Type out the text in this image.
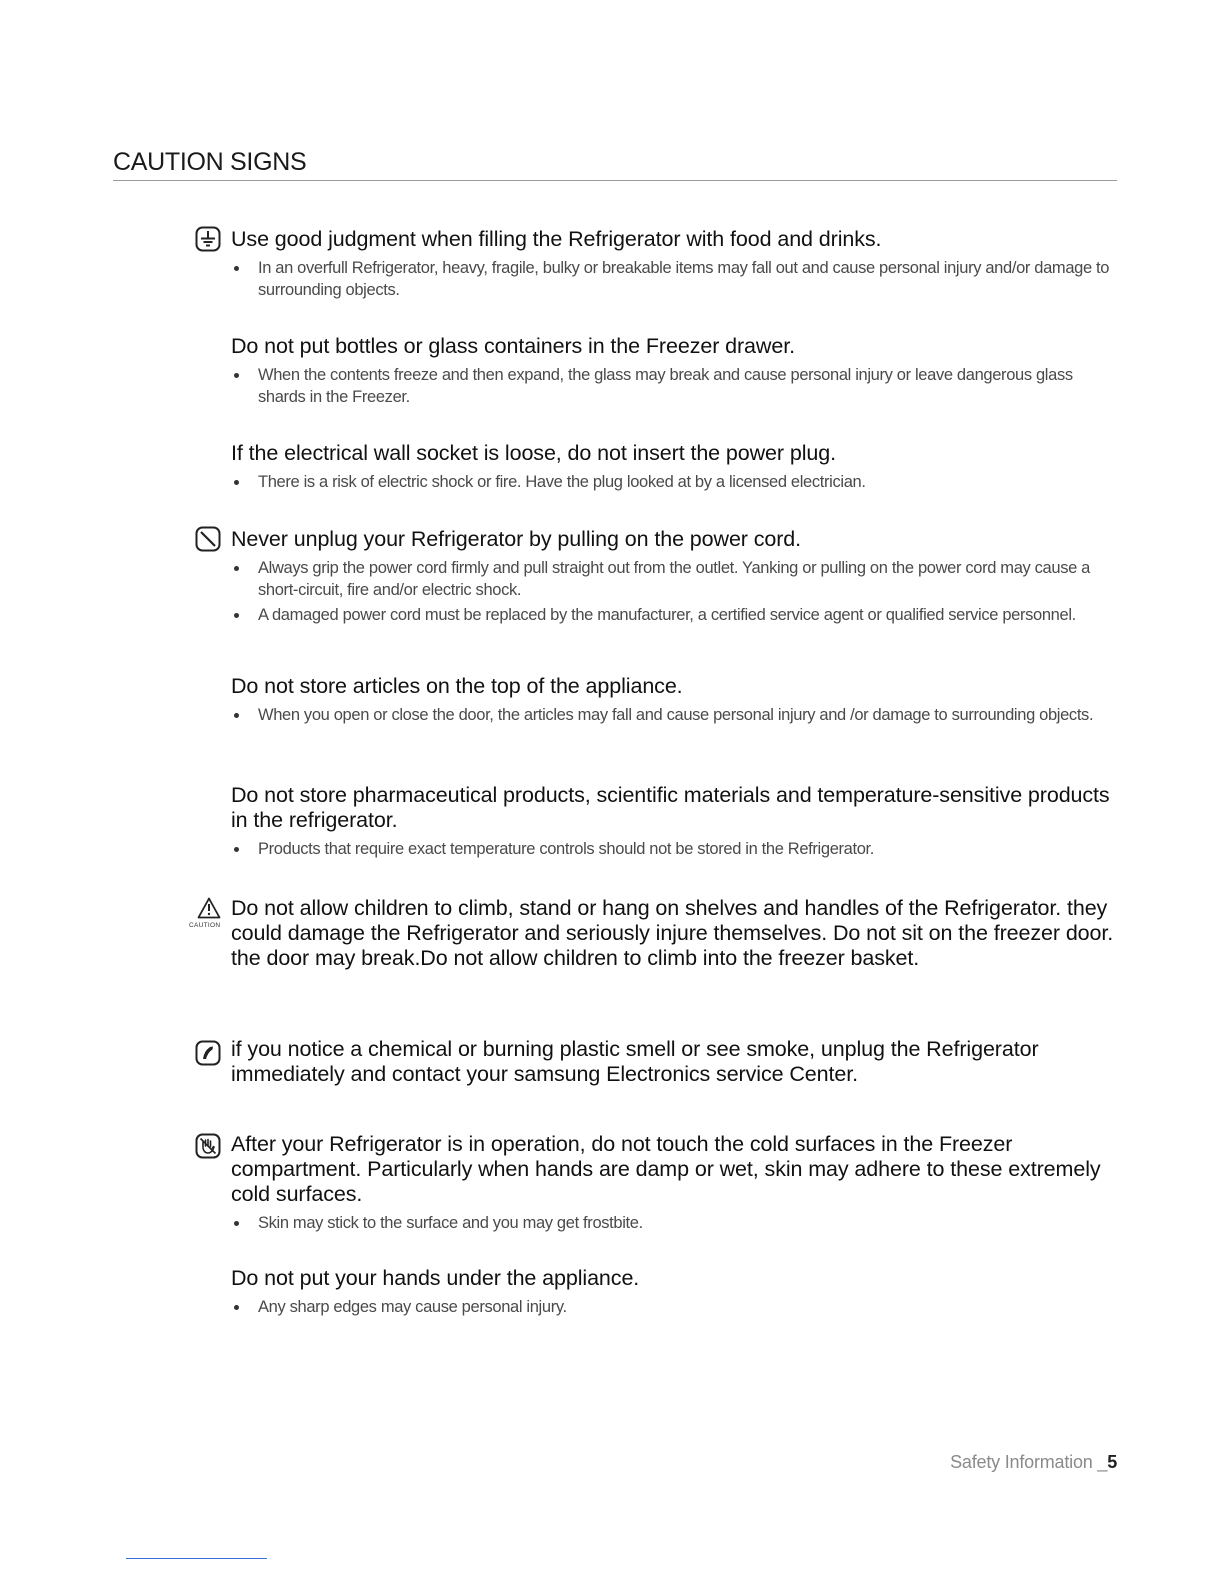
CAUTION SIGNS
CAUTION
Use good judgment when filling the Refrigerator with food and drinks.
In an overfull Refrigerator, heavy, fragile, bulky or breakable items may fall out and cause personal injury and/or damage to surrounding objects.
Do not put bottles or glass containers in the Freezer drawer.
When the contents freeze and then expand, the glass may break and cause personal injury or leave dangerous glass shards in the Freezer.
If the electrical wall socket is loose, do not insert the power plug.
There is a risk of electric shock or fire. Have the plug looked at by a licensed electrician.
Never unplug your Refrigerator by pulling on the power cord.
Always grip the power cord firmly and pull straight out from the outlet. Yanking or pulling on the power cord may cause a short-circuit, fire and/or electric shock.
A damaged power cord must be replaced by the manufacturer, a certified service agent or qualified service personnel.
Do not store articles on the top of the appliance.
When you open or close the door, the articles may fall and cause personal injury and /or damage to surrounding objects.
Do not store pharmaceutical products, scientific materials and temperature-sensitive products in the refrigerator.
Products that require exact temperature controls should not be stored in the Refrigerator.
Do not allow children to climb, stand or hang on shelves and handles of the Refrigerator. they could damage the Refrigerator and seriously injure themselves. Do not sit on the freezer door. the door may break.Do not allow children to climb into the freezer basket.
if you notice a chemical or burning plastic smell or see smoke, unplug the Refrigerator immediately and contact your samsung Electronics service Center.
After your Refrigerator is in operation, do not touch the cold surfaces in the Freezer compartment. Particularly when hands are damp or wet, skin may adhere to these extremely cold surfaces.
Skin may stick to the surface and you may get frostbite.
Do not put your hands under the appliance.
Any sharp edges may cause personal injury.
Safety Information _5
